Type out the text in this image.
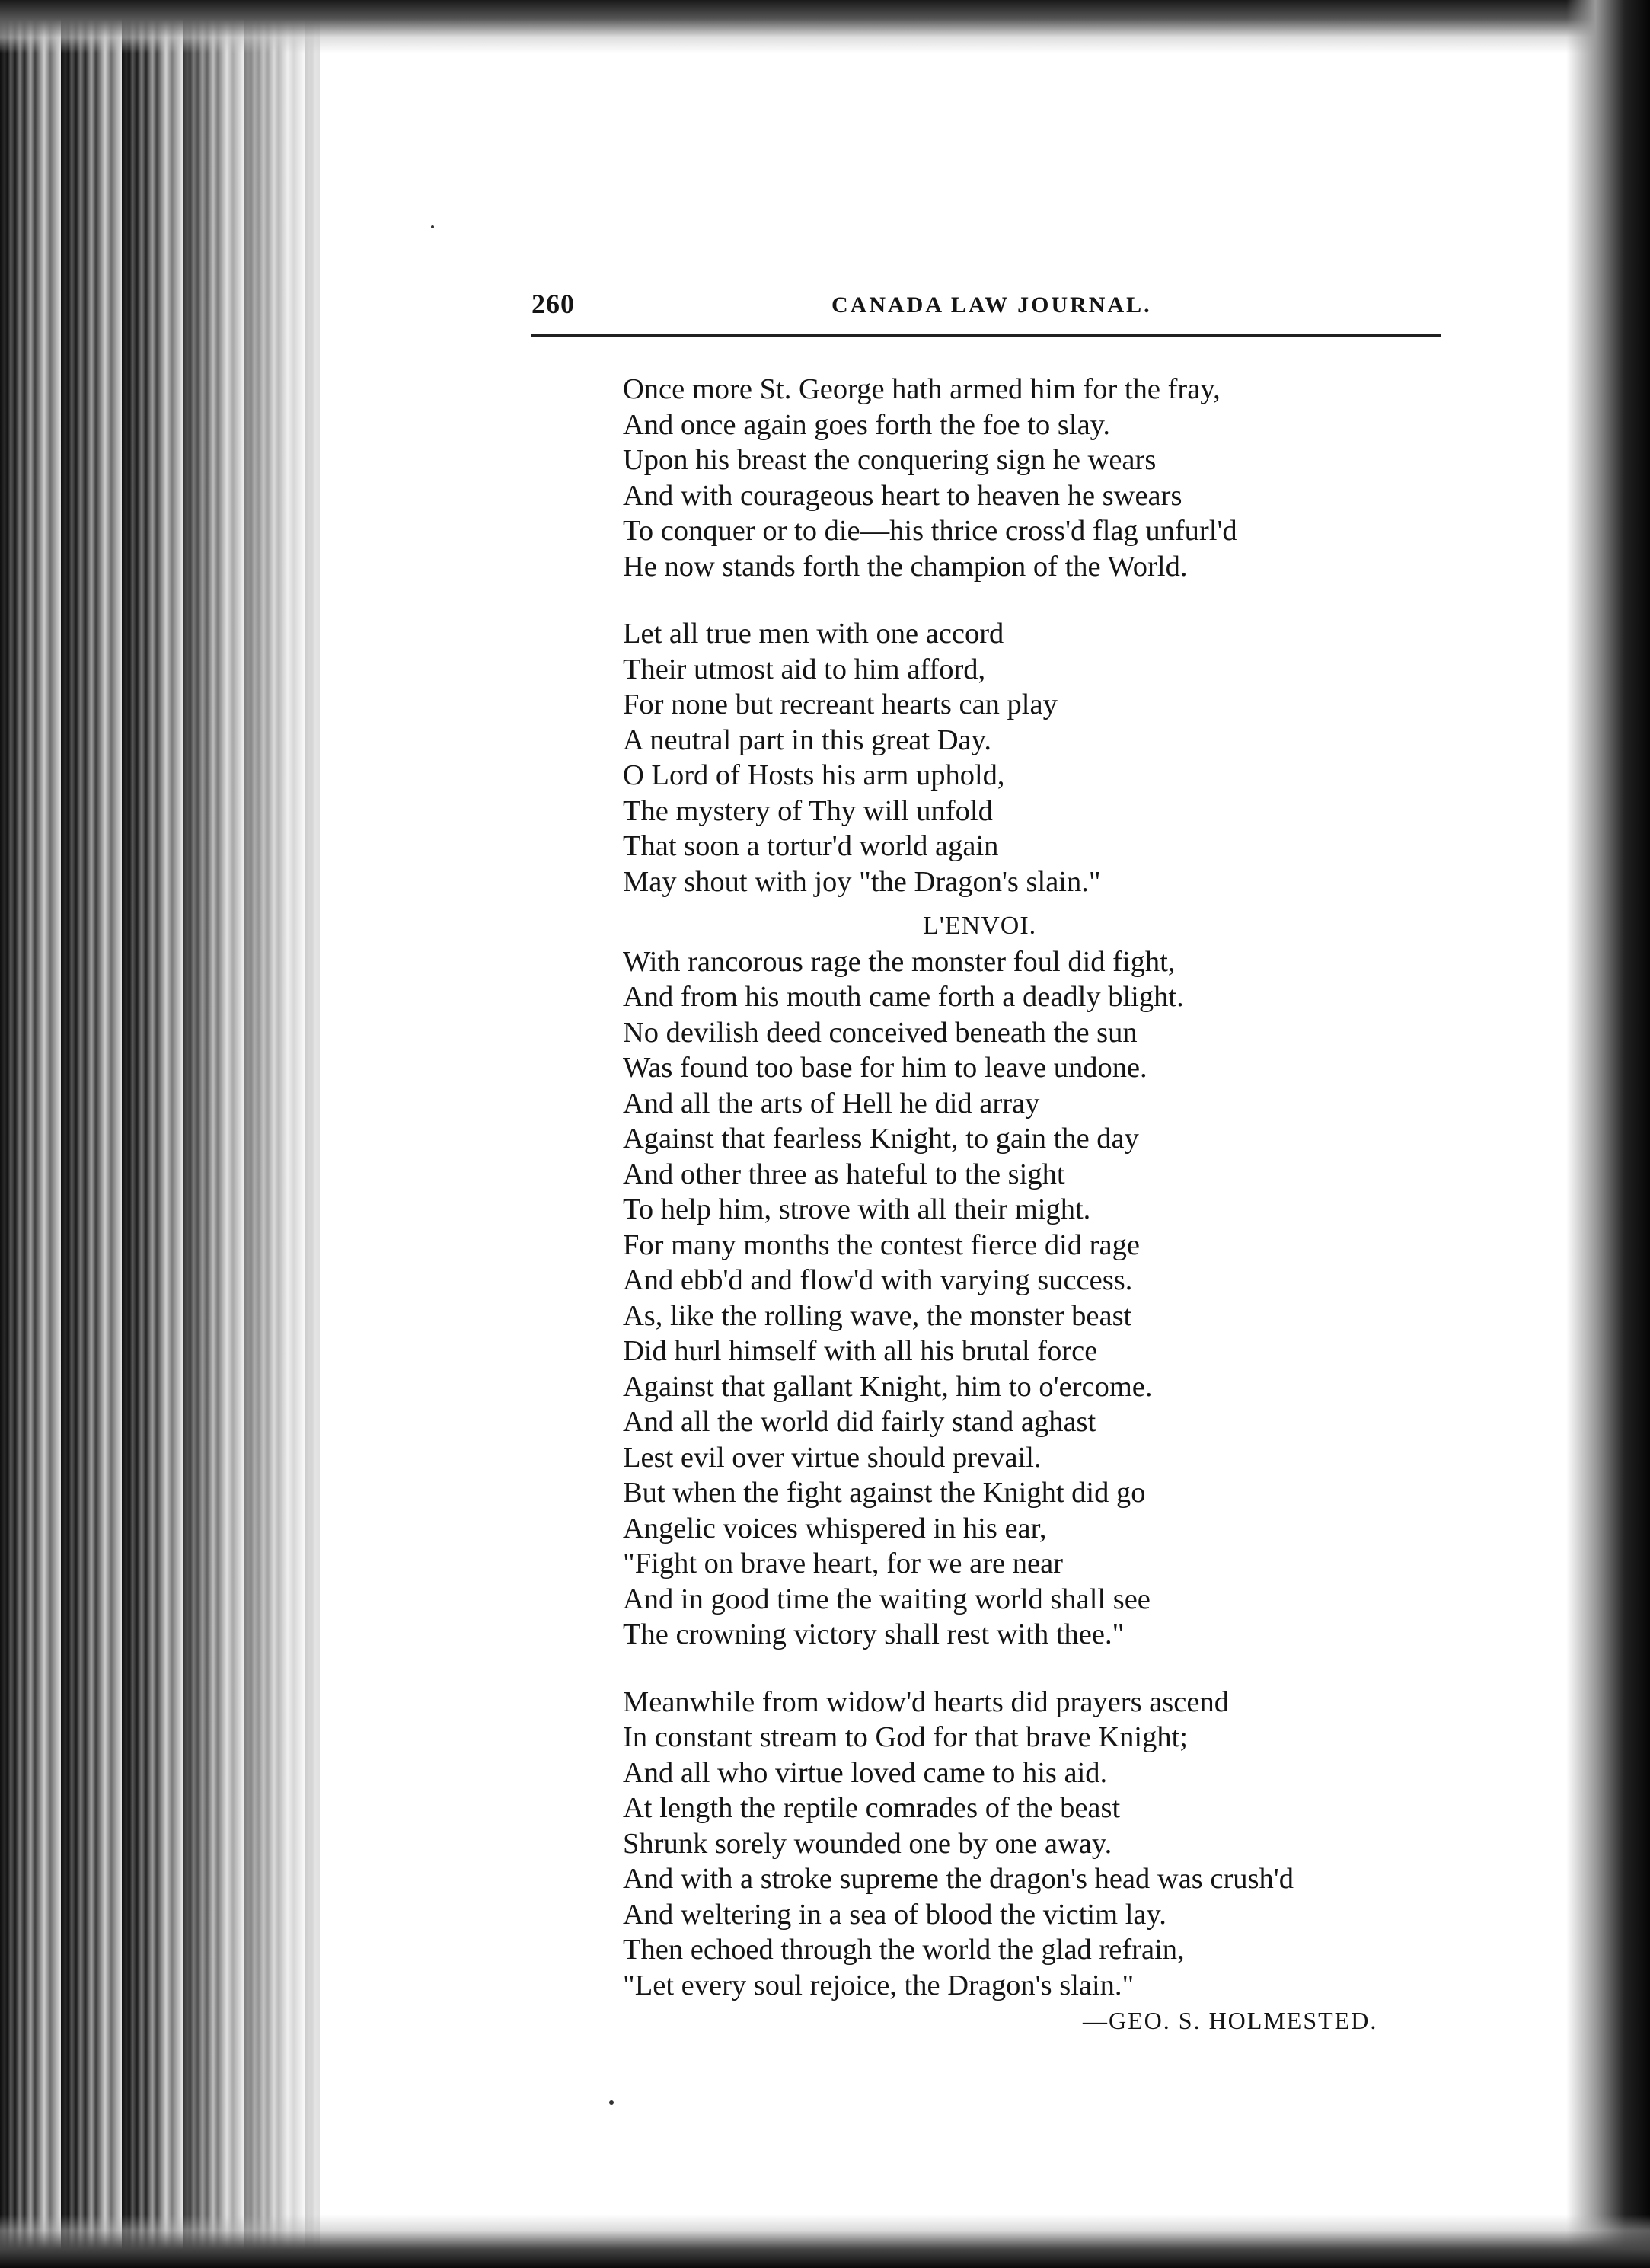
260	CANADA LAW JOURNAL.
Once more St. George hath armed him for the fray,
And once again goes forth the foe to slay.
Upon his breast the conquering sign he wears
And with courageous heart to heaven he swears
To conquer or to die—his thrice cross'd flag unfurl'd
He now stands forth the champion of the World.
Let all true men with one accord
Their utmost aid to him afford,
For none but recreant hearts can play
A neutral part in this great Day.
O Lord of Hosts his arm uphold,
The mystery of Thy will unfold
That soon a tortur'd world again
May shout with joy "the Dragon's slain."
L'ENVOI.
With rancorous rage the monster foul did fight,
And from his mouth came forth a deadly blight.
No devilish deed conceived beneath the sun
Was found too base for him to leave undone.
And all the arts of Hell he did array
Against that fearless Knight, to gain the day
And other three as hateful to the sight
To help him, strove with all their might.
For many months the contest fierce did rage
And ebb'd and flow'd with varying success.
As, like the rolling wave, the monster beast
Did hurl himself with all his brutal force
Against that gallant Knight, him to o'ercome.
And all the world did fairly stand aghast
Lest evil over virtue should prevail.
But when the fight against the Knight did go
Angelic voices whispered in his ear,
"Fight on brave heart, for we are near
And in good time the waiting world shall see
The crowning victory shall rest with thee."
Meanwhile from widow'd hearts did prayers ascend
In constant stream to God for that brave Knight;
And all who virtue loved came to his aid.
At length the reptile comrades of the beast
Shrunk sorely wounded one by one away.
And with a stroke supreme the dragon's head was crush'd
And weltering in a sea of blood the victim lay.
Then echoed through the world the glad refrain,
"Let every soul rejoice, the Dragon's slain."
—GEO. S. HOLMESTED.
